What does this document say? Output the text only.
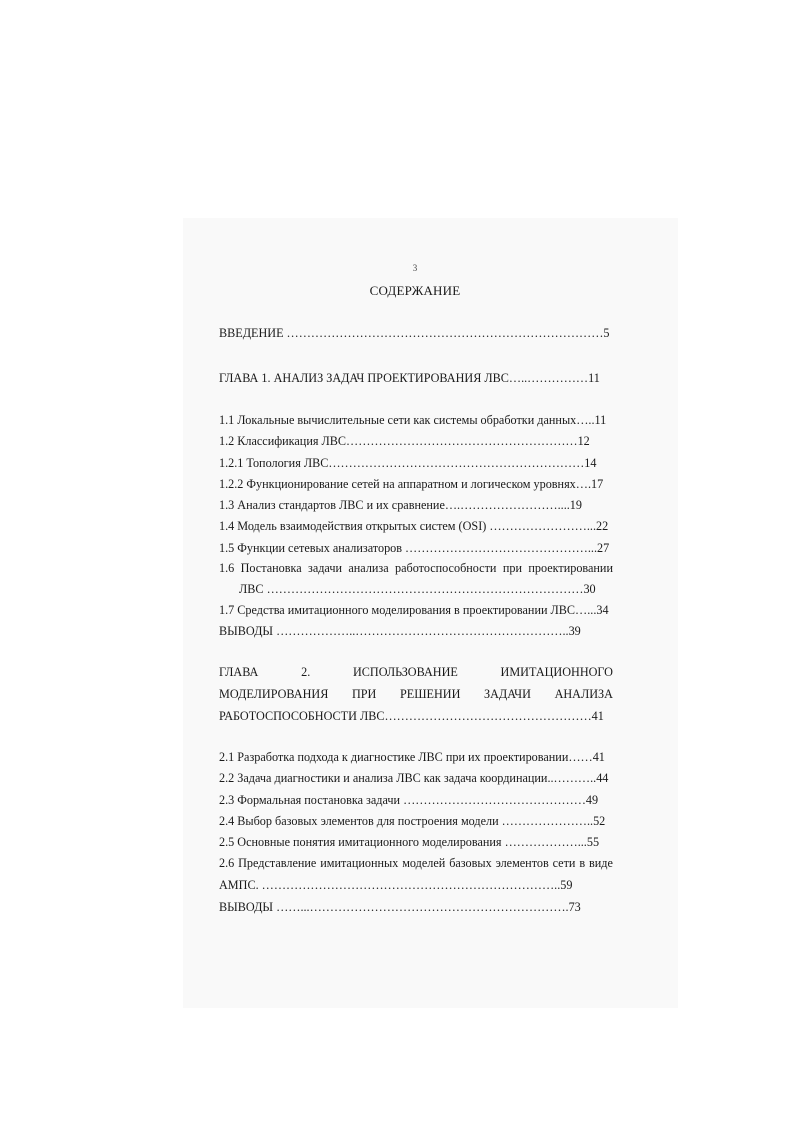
3
СОДЕРЖАНИЕ
ВВЕДЕНИЕ ……………………………………………………………………5
ГЛАВА 1. АНАЛИЗ ЗАДАЧ ПРОЕКТИРОВАНИЯ ЛВС…..……………11
1.1 Локальные вычислительные сети как системы обработки данных…..11
1.2 Классификация ЛВС…………………………………………………12
1.2.1 Топология ЛВС………………………………………………………14
1.2.2 Функционирование сетей на аппаратном и логическом уровнях….17
1.3 Анализ стандартов ЛВС и их сравнение….……………………....19
1.4 Модель взаимодействия открытых систем (OSI) ……………………...22
1.5 Функции сетевых анализаторов ………………………………………...27
1.6 Постановка задачи анализа работоспособности при проектировании
ЛВС ……………………………………………………………………30
1.7 Средства имитационного моделирования в проектировании ЛВС…...34
ВЫВОДЫ ………………..……………………………………………..39
ГЛАВА	2.	ИСПОЛЬЗОВАНИЕ	ИМИТАЦИОННОГО
МОДЕЛИРОВАНИЯ ПРИ РЕШЕНИИ ЗАДАЧИ АНАЛИЗА
РАБОТОСПОСОБНОСТИ ЛВС……………………………………………41
2.1 Разработка подхода к диагностике ЛВС при их проектировании……41
2.2 Задача диагностики и анализа ЛВС как задача координации..………..44
2.3 Формальная постановка задачи ………………………………………49
2.4 Выбор базовых элементов для построения модели …………………..52
2.5 Основные понятия имитационного моделирования ………………...55
2.6 Представление имитационных моделей базовых элементов сети в виде
АМПС. ………………………………………………………………..59
ВЫВОДЫ ……...……………………………………………………….73
